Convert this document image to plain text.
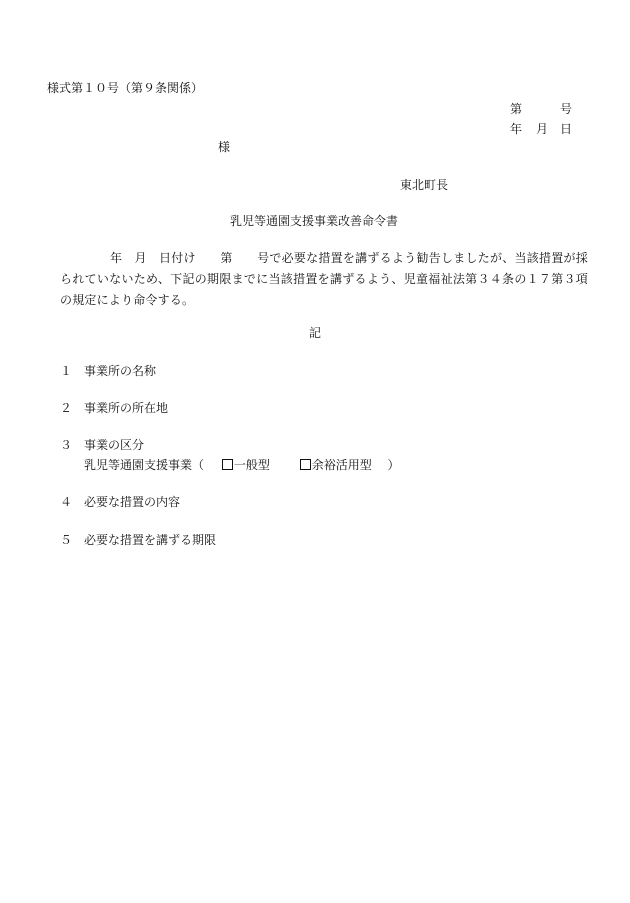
様式第１０号（第９条関係）
第	号
年 月 日
様
東北町長
乳児等通園支援事業改善命令書
年　月　日付け　　第　　号で必要な措置を講ずるよう勧告しましたが、当該措置が採られていないため、下記の期限までに当該措置を講ずるよう、児童福祉法第３４条の１７第３項の規定により命令する。
記
１ 事業所の名称
２ 事業所の所在地
３ 事業の区分
乳児等通園支援事業（ 一般型	余裕活用型 ）
４ 必要な措置の内容
５ 必要な措置を講ずる期限
